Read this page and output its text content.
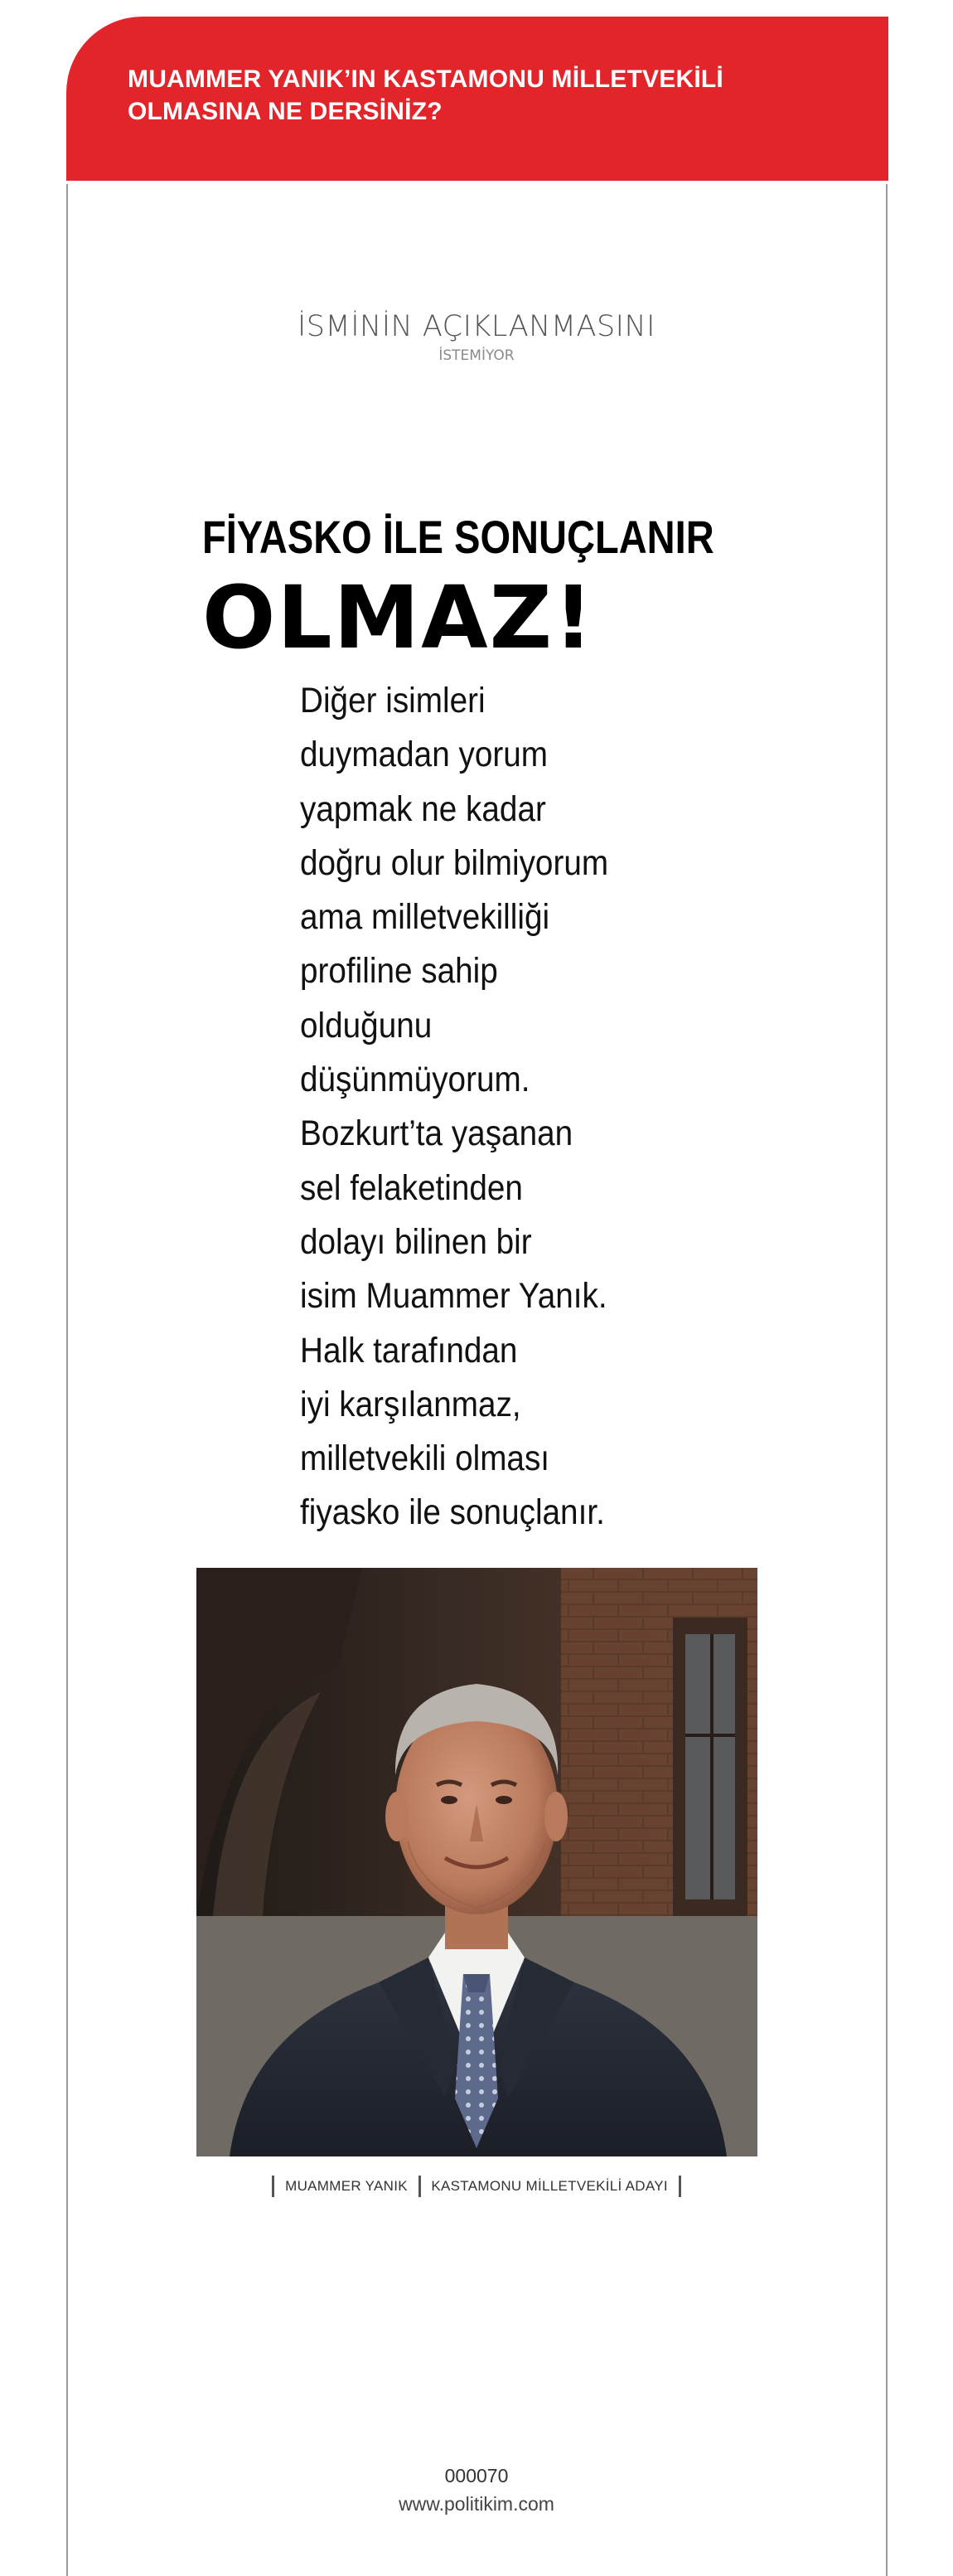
MUAMMER YANIK’IN KASTAMONU MİLLETVEKİLİ
OLMASINA NE DERSİNİZ?
İSMİNİN AÇIKLANMASINI
İSTEMİYOR
FİYASKO İLE SONUÇLANIR
OLMAZ!
Diğer isimleri
duymadan yorum
yapmak ne kadar
doğru olur bilmiyorum
ama milletvekilliği
profiline sahip
olduğunu
düşünmüyorum.
Bozkurt’ta yaşanan
sel felaketinden
dolayı bilinen bir
isim Muammer Yanık.
Halk tarafından
iyi karşılanmaz,
milletvekili olması
fiyasko ile sonuçlanır.
MUAMMER YANIK KASTAMONU MİLLETVEKİLİ ADAYI
000070
www.politikim.com
